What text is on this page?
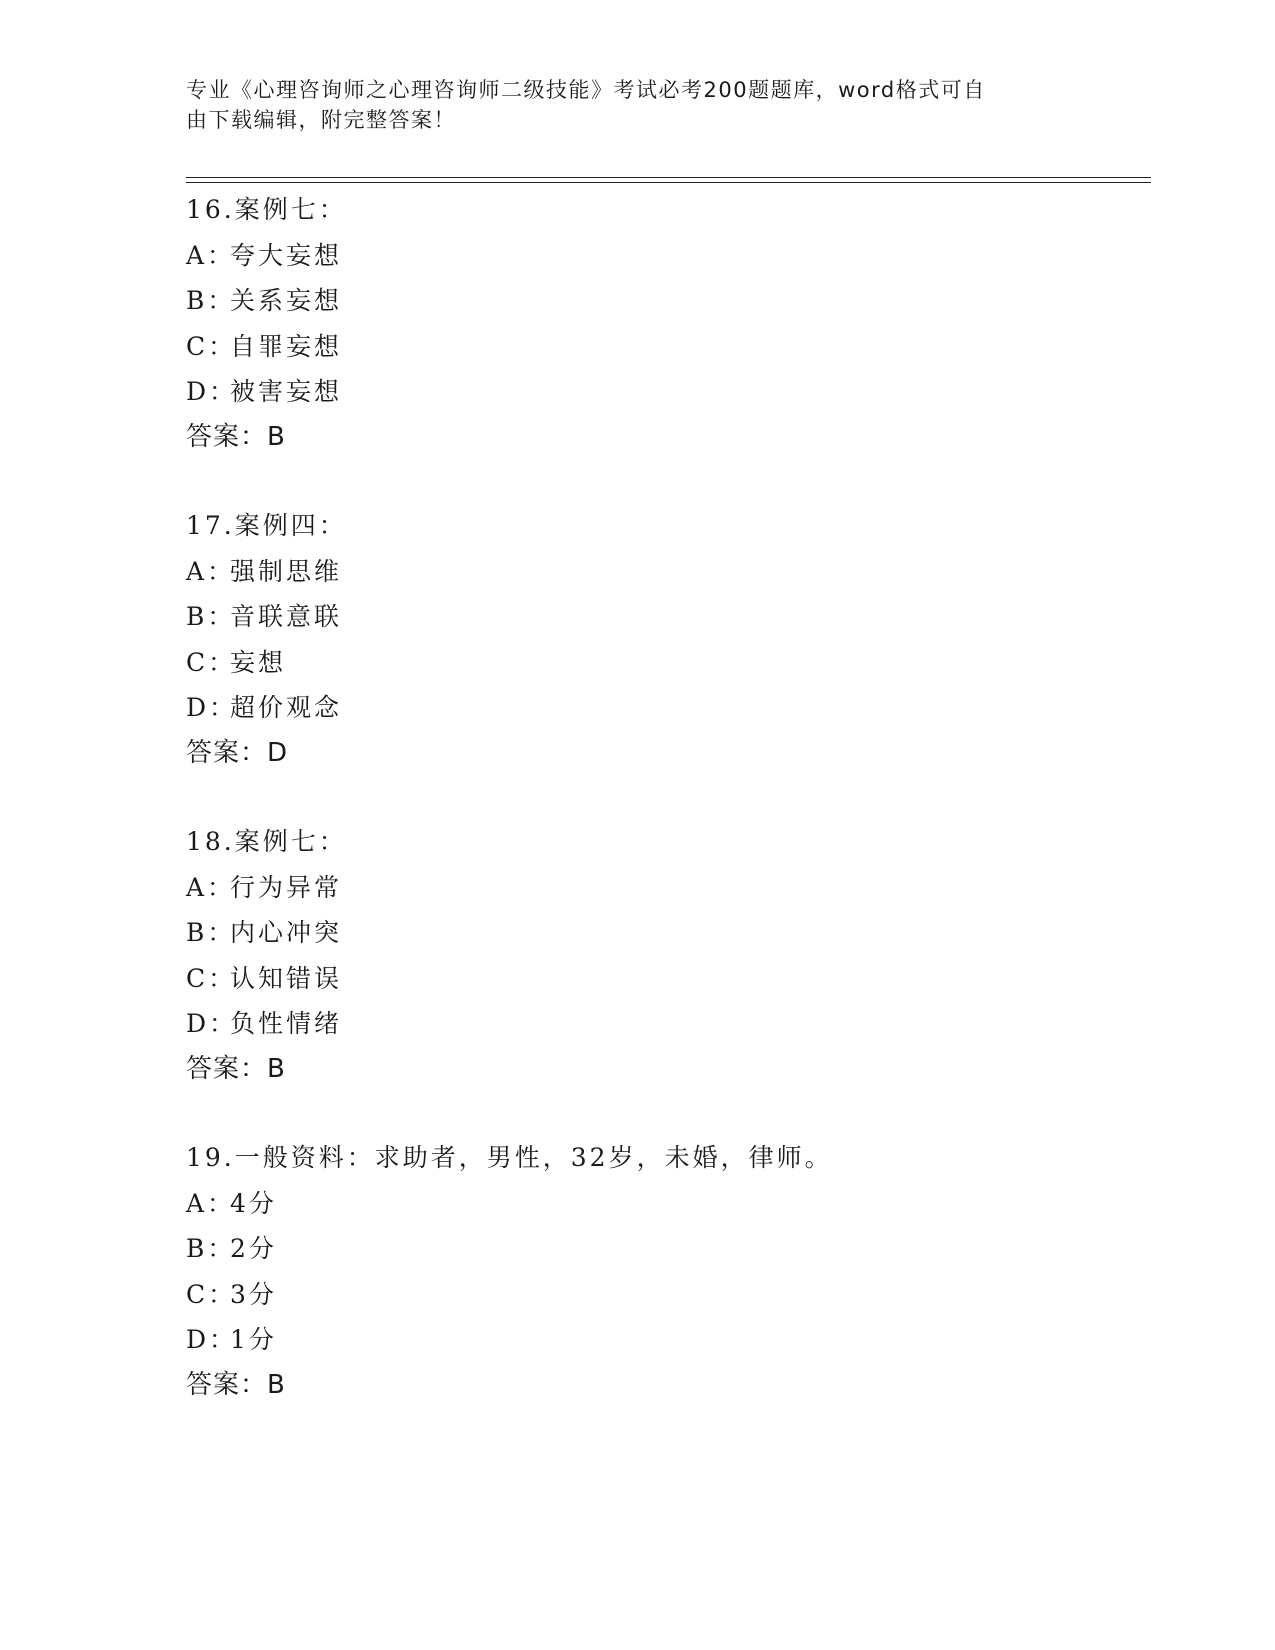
专业《心理咨询师之心理咨询师二级技能》考试必考200题题库，word格式可自
由下载编辑，附完整答案！
16.案例七：
A：夸大妄想
B：关系妄想
C：自罪妄想
D：被害妄想
答案：B
17.案例四：
A：强制思维
B：音联意联
C：妄想
D：超价观念
答案：D
18.案例七：
A：行为异常
B：内心冲突
C：认知错误
D：负性情绪
答案：B
19.一般资料：求助者，男性，32岁，未婚，律师。
A：4分
B：2分
C：3分
D：1分
答案：B
